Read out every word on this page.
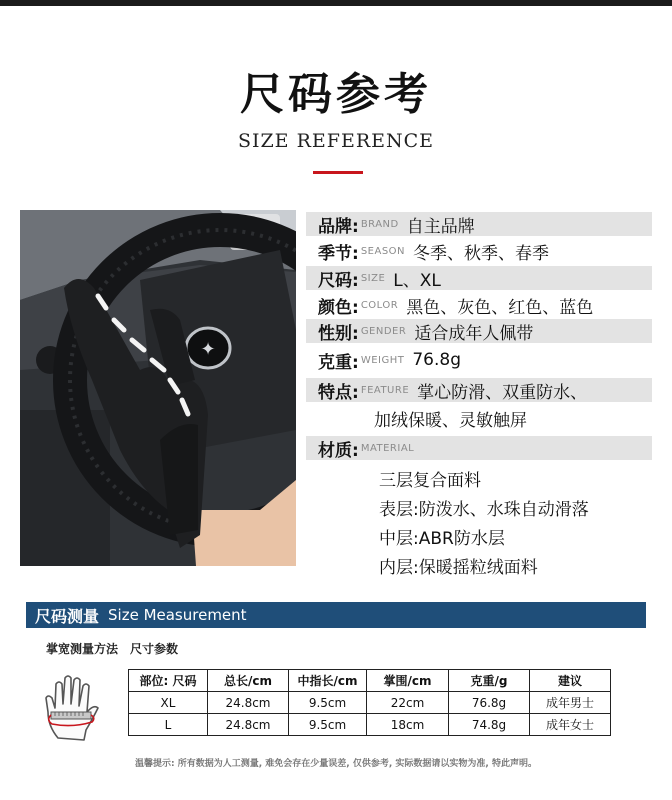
尺码参考
SIZE REFERENCE
✦
品牌: BRAND 自主品牌
季节: SEASON 冬季、秋季、春季
尺码: SIZE L、XL
颜色: COLOR 黑色、灰色、红色、蓝色
性别: GENDER 适合成年人佩带
克重: WEIGHT 76.8g
特点: FEATURE 掌心防滑、双重防水、
加绒保暖、灵敏触屏
材质: MATERIAL
三层复合面料
表层:防泼水、水珠自动滑落
中层:ABR防水层
内层:保暖摇粒绒面料
尺码测量 Size Measurement
掌宽测量方法 尺寸参数
部位: 尺码	总长/cm	中指长/cm	掌围/cm	克重/g	建议
XL	24.8cm	9.5cm	22cm	76.8g	成年男士
L	24.8cm	9.5cm	18cm	74.8g	成年女士
温馨提示: 所有数据为人工测量, 难免会存在少量误差, 仅供参考, 实际数据请以实物为准, 特此声明。
